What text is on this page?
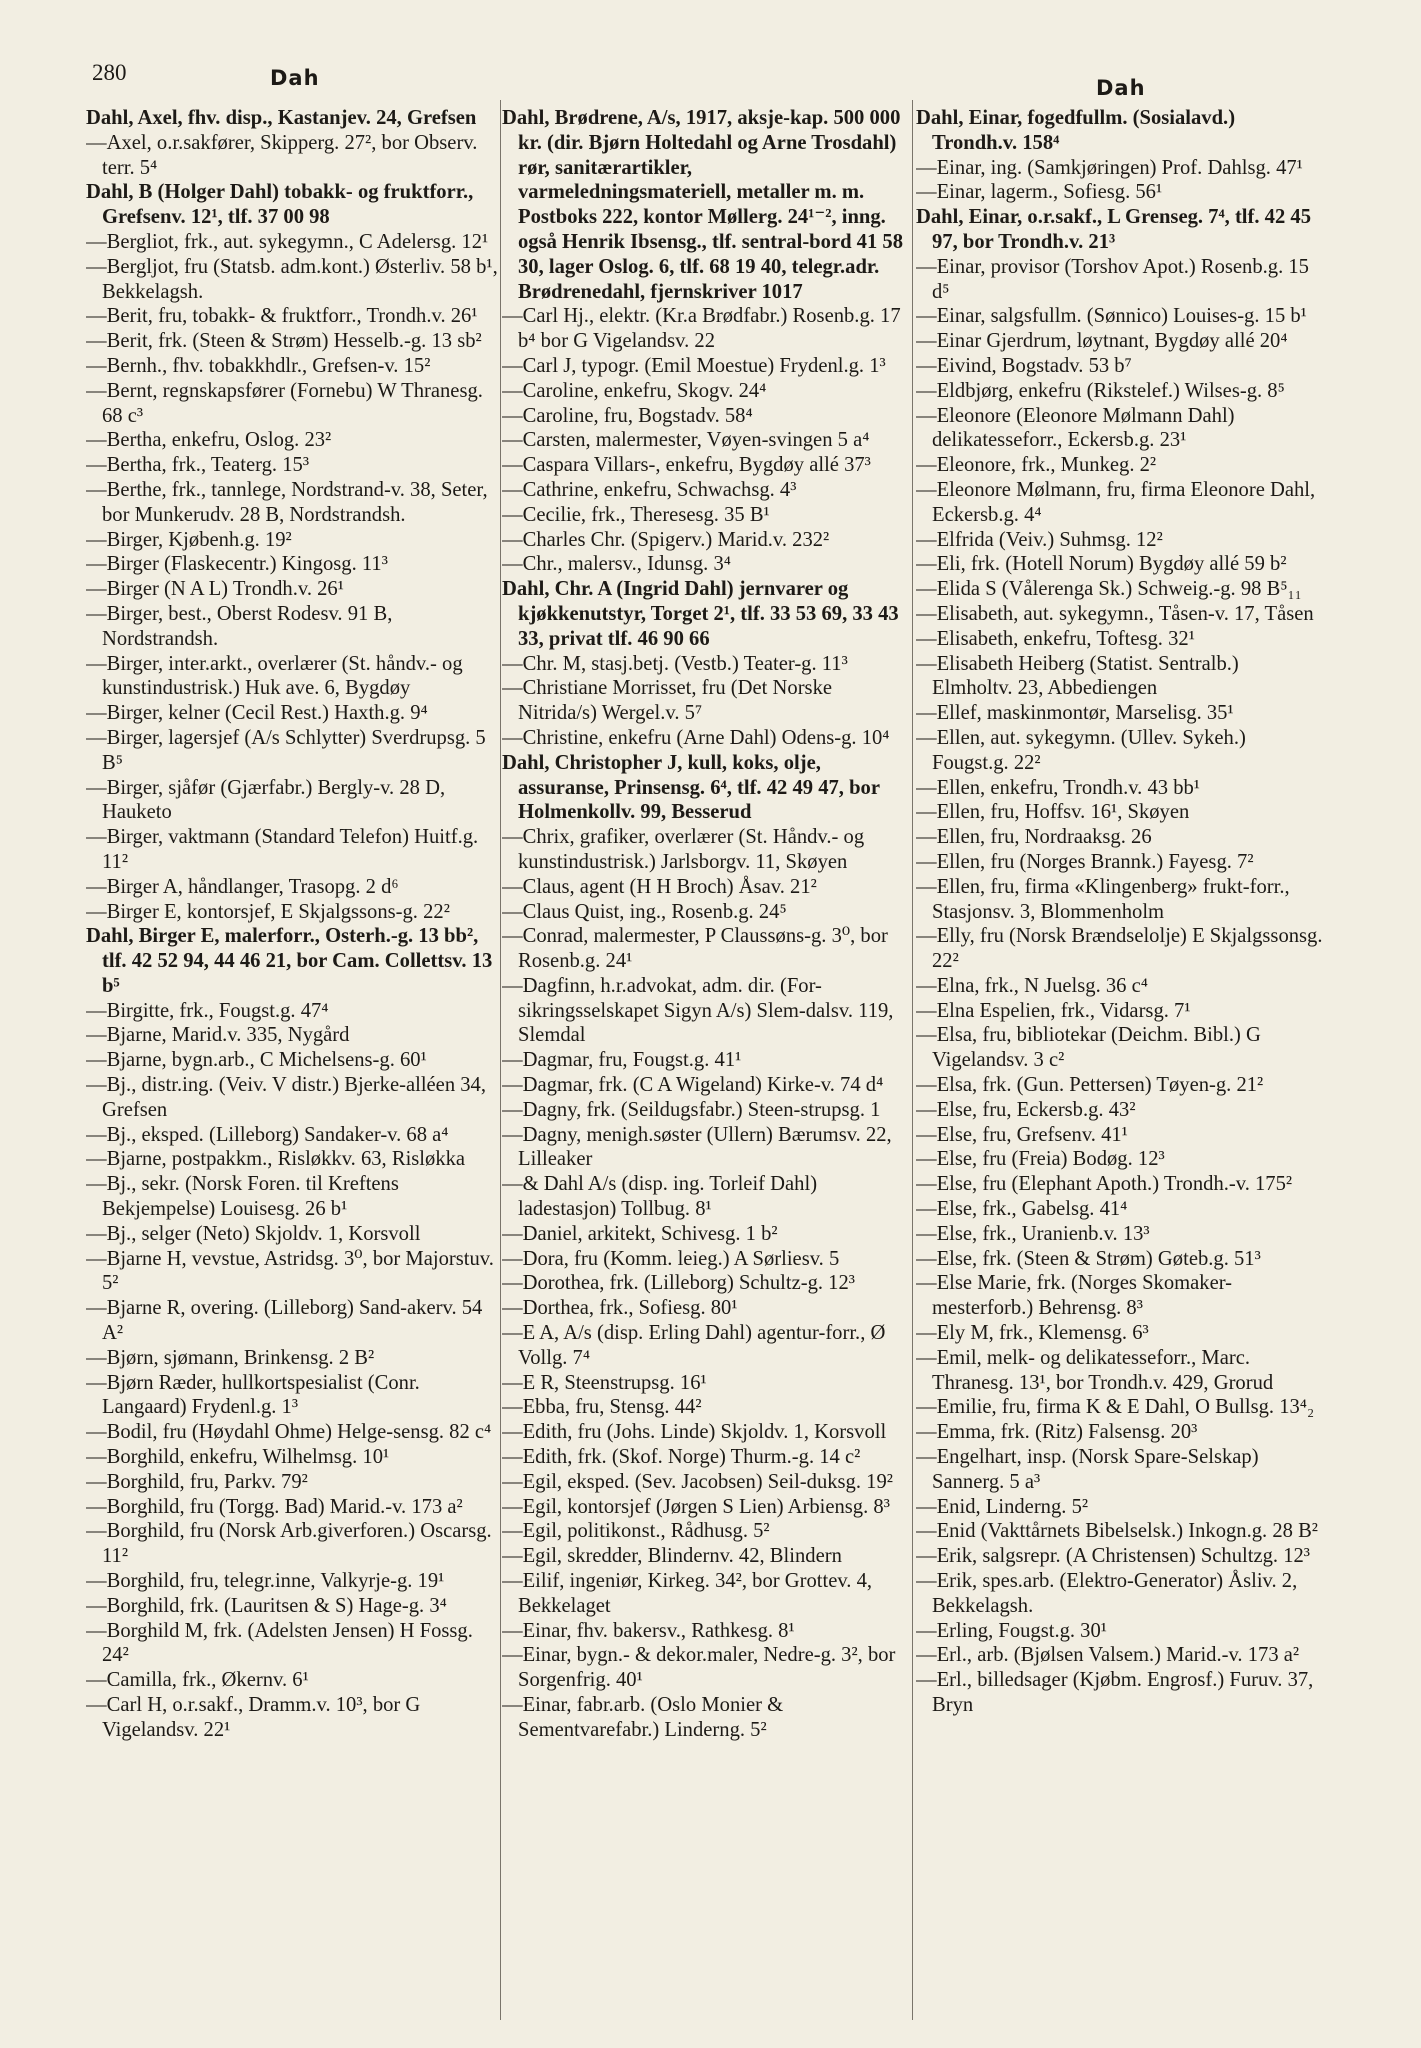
280	Dah	Dah

Dahl, Axel, fhv. disp., Kastanjev. 24, Grefsen

—Axel, o.r.sakfører, Skipperg. 27², bor Observ. terr. 5⁴

Dahl, B (Holger Dahl) tobakk- og fruktforr., Grefsenv. 12¹, tlf. 37 00 98

—Bergliot, frk., aut. sykegymn., C Adelersg. 12¹

—Bergljot, fru (Statsb. adm.kont.) Østerliv. 58 b¹, Bekkelagsh.

—Berit, fru, tobakk- & fruktforr., Trondh.v. 26¹

—Berit, frk. (Steen & Strøm) Hesselb.-g. 13 sb²

—Bernh., fhv. tobakkhdlr., Grefsen-v. 15²

—Bernt, regnskapsfører (Fornebu) W Thranesg. 68 c³

—Bertha, enkefru, Oslog. 23²

—Bertha, frk., Teaterg. 15³

—Berthe, frk., tannlege, Nordstrand-v. 38, Seter, bor Munkerudv. 28 B, Nordstrandsh.

—Birger, Kjøbenh.g. 19²

—Birger (Flaskecentr.) Kingosg. 11³

—Birger (N A L) Trondh.v. 26¹

—Birger, best., Oberst Rodesv. 91 B, Nordstrandsh.

—Birger, inter.arkt., overlærer (St. håndv.- og kunstindustrisk.) Huk ave. 6, Bygdøy

—Birger, kelner (Cecil Rest.) Haxth.g. 9⁴

—Birger, lagersjef (A/s Schlytter) Sverdrupsg. 5 B⁵

—Birger, sjåfør (Gjærfabr.) Bergly-v. 28 D, Hauketo

—Birger, vaktmann (Standard Telefon) Huitf.g. 11²

—Birger A, håndlanger, Trasopg. 2 d⁶

—Birger E, kontorsjef, E Skjalgssons-g. 22²

Dahl, Birger E, malerforr., Osterh.-g. 13 bb², tlf. 42 52 94, 44 46 21, bor Cam. Collettsv. 13 b⁵

—Birgitte, frk., Fougst.g. 47⁴

—Bjarne, Marid.v. 335, Nygård

—Bjarne, bygn.arb., C Michelsens-g. 60¹

—Bj., distr.ing. (Veiv. V distr.) Bjerke-alléen 34, Grefsen

—Bj., eksped. (Lilleborg) Sandaker-v. 68 a⁴

—Bjarne, postpakkm., Risløkkv. 63, Risløkka

—Bj., sekr. (Norsk Foren. til Kreftens Bekjempelse) Louisesg. 26 b¹

—Bj., selger (Neto) Skjoldv. 1, Korsvoll

—Bjarne H, vevstue, Astridsg. 3⁰, bor Majorstuv. 5²

—Bjarne R, overing. (Lilleborg) Sand-akerv. 54 A²

—Bjørn, sjømann, Brinkensg. 2 B²

—Bjørn Ræder, hullkortspesialist (Conr. Langaard) Frydenl.g. 1³

—Bodil, fru (Høydahl Ohme) Helge-sensg. 82 c⁴

—Borghild, enkefru, Wilhelmsg. 10¹

—Borghild, fru, Parkv. 79²

—Borghild, fru (Torgg. Bad) Marid.-v. 173 a²

—Borghild, fru (Norsk Arb.giverforen.) Oscarsg. 11²

—Borghild, fru, telegr.inne, Valkyrje-g. 19¹

—Borghild, frk. (Lauritsen & S) Hage-g. 3⁴

—Borghild M, frk. (Adelsten Jensen) H Fossg. 24²

—Camilla, frk., Økernv. 6¹

—Carl H, o.r.sakf., Dramm.v. 10³, bor G Vigelandsv. 22¹

Dahl, Brødrene, A/s, 1917, aksje-kap. 500 000 kr. (dir. Bjørn Holtedahl og Arne Trosdahl) rør, sanitærartikler, varmeledningsmateriell, metaller m. m. Postboks 222, kontor Møllerg. 24¹⁻², inng. også Henrik Ibsensg., tlf. sentral-bord 41 58 30, lager Oslog. 6, tlf. 68 19 40, telegr.adr. Brødrenedahl, fjernskriver 1017

—Carl Hj., elektr. (Kr.a Brødfabr.) Rosenb.g. 17 b⁴ bor G Vigelandsv. 22

—Carl J, typogr. (Emil Moestue) Frydenl.g. 1³

—Caroline, enkefru, Skogv. 24⁴

—Caroline, fru, Bogstadv. 58⁴

—Carsten, malermester, Vøyen-svingen 5 a⁴

—Caspara Villars-, enkefru, Bygdøy allé 37³

—Cathrine, enkefru, Schwachsg. 4³

—Cecilie, frk., Theresesg. 35 B¹

—Charles Chr. (Spigerv.) Marid.v. 232²

—Chr., malersv., Idunsg. 3⁴

Dahl, Chr. A (Ingrid Dahl) jernvarer og kjøkkenutstyr, Torget 2¹, tlf. 33 53 69, 33 43 33, privat tlf. 46 90 66

—Chr. M, stasj.betj. (Vestb.) Teater-g. 11³

—Christiane Morrisset, fru (Det Norske Nitrida/s) Wergel.v. 5⁷

—Christine, enkefru (Arne Dahl) Odens-g. 10⁴

Dahl, Christopher J, kull, koks, olje, assuranse, Prinsensg. 6⁴, tlf. 42 49 47, bor Holmenkollv. 99, Besserud

—Chrix, grafiker, overlærer (St. Håndv.- og kunstindustrisk.) Jarlsborgv. 11, Skøyen

—Claus, agent (H H Broch) Åsav. 21²

—Claus Quist, ing., Rosenb.g. 24⁵

—Conrad, malermester, P Claussøns-g. 3⁰, bor Rosenb.g. 24¹

—Dagfinn, h.r.advokat, adm. dir. (For-sikringsselskapet Sigyn A/s) Slem-dalsv. 119, Slemdal

—Dagmar, fru, Fougst.g. 41¹

—Dagmar, frk. (C A Wigeland) Kirke-v. 74 d⁴

—Dagny, frk. (Seildugsfabr.) Steen-strupsg. 1

—Dagny, menigh.søster (Ullern) Bærumsv. 22, Lilleaker

—& Dahl A/s (disp. ing. Torleif Dahl) ladestasjon) Tollbug. 8¹

—Daniel, arkitekt, Schivesg. 1 b²

—Dora, fru (Komm. leieg.) A Sørliesv. 5

—Dorothea, frk. (Lilleborg) Schultz-g. 12³

—Dorthea, frk., Sofiesg. 80¹

—E A, A/s (disp. Erling Dahl) agentur-forr., Ø Vollg. 7⁴

—E R, Steenstrupsg. 16¹

—Ebba, fru, Stensg. 44²

—Edith, fru (Johs. Linde) Skjoldv. 1, Korsvoll

—Edith, frk. (Skof. Norge) Thurm.-g. 14 c²

—Egil, eksped. (Sev. Jacobsen) Seil-duksg. 19²

—Egil, kontorsjef (Jørgen S Lien) Arbiensg. 8³

—Egil, politikonst., Rådhusg. 5²

—Egil, skredder, Blindernv. 42, Blindern

—Eilif, ingeniør, Kirkeg. 34², bor Grottev. 4, Bekkelaget

—Einar, fhv. bakersv., Rathkesg. 8¹

—Einar, bygn.- & dekor.maler, Nedre-g. 3², bor Sorgenfrig. 40¹

—Einar, fabr.arb. (Oslo Monier & Sementvarefabr.) Linderng. 5²

Dahl, Einar, fogedfullm. (Sosialavd.) Trondh.v. 158⁴

—Einar, ing. (Samkjøringen) Prof. Dahlsg. 47¹

—Einar, lagerm., Sofiesg. 56¹

Dahl, Einar, o.r.sakf., L Grenseg. 7⁴, tlf. 42 45 97, bor Trondh.v. 21³

—Einar, provisor (Torshov Apot.) Rosenb.g. 15 d⁵

—Einar, salgsfullm. (Sønnico) Louises-g. 15 b¹

—Einar Gjerdrum, løytnant, Bygdøy allé 20⁴

—Eivind, Bogstadv. 53 b⁷

—Eldbjørg, enkefru (Rikstelef.) Wilses-g. 8⁵

—Eleonore (Eleonore Mølmann Dahl) delikatesseforr., Eckersb.g. 23¹

—Eleonore, frk., Munkeg. 2²

—Eleonore Mølmann, fru, firma Eleonore Dahl, Eckersb.g. 4⁴

—Elfrida (Veiv.) Suhmsg. 12²

—Eli, frk. (Hotell Norum) Bygdøy allé 59 b²

—Elida S (Vålerenga Sk.) Schweig.-g. 98 B⁵₁₁

—Elisabeth, aut. sykegymn., Tåsen-v. 17, Tåsen

—Elisabeth, enkefru, Toftesg. 32¹

—Elisabeth Heiberg (Statist. Sentralb.) Elmholtv. 23, Abbediengen

—Ellef, maskinmontør, Marselisg. 35¹

—Ellen, aut. sykegymn. (Ullev. Sykeh.) Fougst.g. 22²

—Ellen, enkefru, Trondh.v. 43 bb¹

—Ellen, fru, Hoffsv. 16¹, Skøyen

—Ellen, fru, Nordraaksg. 26

—Ellen, fru (Norges Brannk.) Fayesg. 7²

—Ellen, fru, firma «Klingenberg» frukt-forr., Stasjonsv. 3, Blommenholm

—Elly, fru (Norsk Brændselolje) E Skjalgssonsg. 22²

—Elna, frk., N Juelsg. 36 c⁴

—Elna Espelien, frk., Vidarsg. 7¹

—Elsa, fru, bibliotekar (Deichm. Bibl.) G Vigelandsv. 3 c²

—Elsa, frk. (Gun. Pettersen) Tøyen-g. 21²

—Else, fru, Eckersb.g. 43²

—Else, fru, Grefsenv. 41¹

—Else, fru (Freia) Bodøg. 12³

—Else, fru (Elephant Apoth.) Trondh.-v. 175²

—Else, frk., Gabelsg. 41⁴

—Else, frk., Uranienb.v. 13³

—Else, frk. (Steen & Strøm) Gøteb.g. 51³

—Else Marie, frk. (Norges Skomaker-mesterforb.) Behrensg. 8³

—Ely M, frk., Klemensg. 6³

—Emil, melk- og delikatesseforr., Marc. Thranesg. 13¹, bor Trondh.v. 429, Grorud

—Emilie, fru, firma K & E Dahl, O Bullsg. 13⁴₂

—Emma, frk. (Ritz) Falsensg. 20³

—Engelhart, insp. (Norsk Spare-Selskap) Sannerg. 5 a³

—Enid, Linderng. 5²

—Enid (Vakttårnets Bibelselsk.) Inkogn.g. 28 B²

—Erik, salgsrepr. (A Christensen) Schultzg. 12³

—Erik, spes.arb. (Elektro-Generator) Åsliv. 2, Bekkelagsh.

—Erling, Fougst.g. 30¹

—Erl., arb. (Bjølsen Valsem.) Marid.-v. 173 a²

—Erl., billedsager (Kjøbm. Engrosf.) Furuv. 37, Bryn
